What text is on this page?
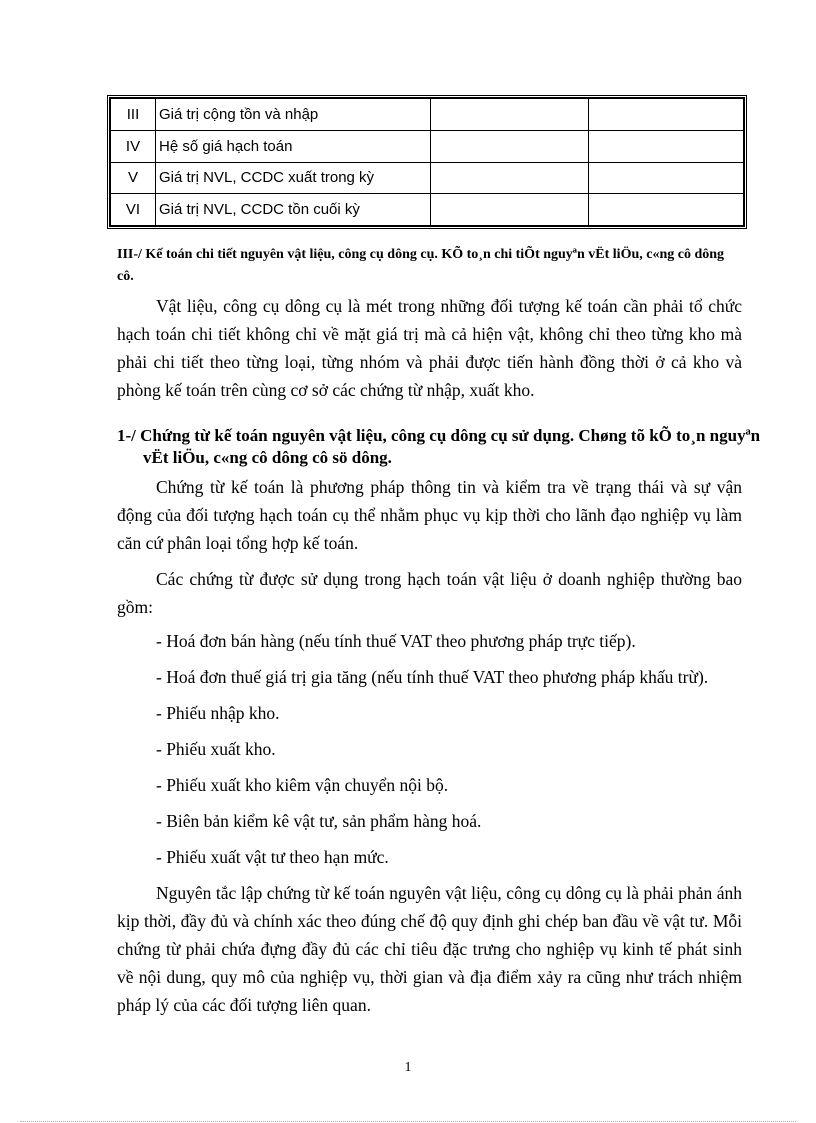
III	Giá trị cộng tồn và nhập		
IV	Hệ số giá hạch toán		
V	Giá trị NVL, CCDC xuất trong kỳ		
VI	Giá trị NVL, CCDC tồn cuối kỳ		

III-/ Kế toán chi tiết nguyên vật liệu, công cụ dông cụ. KÕ to¸n chi tiÕt nguyªn vËt liÖu, c«ng cô dông cô.

Vật liệu, công cụ dông cụ là mét trong những đối tượng kế toán cần phải tổ chức hạch toán chi tiết không chỉ về mặt giá trị mà cả hiện vật, không chỉ theo từng kho mà phải chi tiết theo từng loại, từng nhóm và phải được tiến hành đồng thời ở cả kho và phòng kế toán trên cùng cơ sở các chứng từ nhập, xuất kho.

1-/ Chứng từ kế toán nguyên vật liệu, công cụ dông cụ sử dụng. Chøng tõ kÕ to¸n nguyªn vËt liÖu, c«ng cô dông cô sö dông.

Chứng từ kế toán là phương pháp thông tin và kiểm tra về trạng thái và sự vận động của đối tượng hạch toán cụ thể nhằm phục vụ kịp thời cho lãnh đạo nghiệp vụ làm căn cứ phân loại tổng hợp kế toán.

Các chứng từ được sử dụng trong hạch toán vật liệu ở doanh nghiệp thường bao gồm:

- Hoá đơn bán hàng (nếu tính thuế VAT theo phương pháp trực tiếp).
- Hoá đơn thuế giá trị gia tăng (nếu tính thuế VAT theo phương pháp khấu trừ).
- Phiếu nhập kho.
- Phiếu xuất kho.
- Phiếu xuất kho kiêm vận chuyển nội bộ.
- Biên bản kiểm kê vật tư, sản phẩm hàng hoá.
- Phiếu xuất vật tư theo hạn mức.

Nguyên tắc lập chứng từ kế toán nguyên vật liệu, công cụ dông cụ là phải phản ánh kịp thời, đầy đủ và chính xác theo đúng chế độ quy định ghi chép ban đầu về vật tư. Mỗi chứng từ phải chứa đựng đầy đủ các chỉ tiêu đặc trưng cho nghiệp vụ kinh tế phát sinh về nội dung, quy mô của nghiệp vụ, thời gian và địa điểm xảy ra cũng như trách nhiệm pháp lý của các đối tượng liên quan.

1
